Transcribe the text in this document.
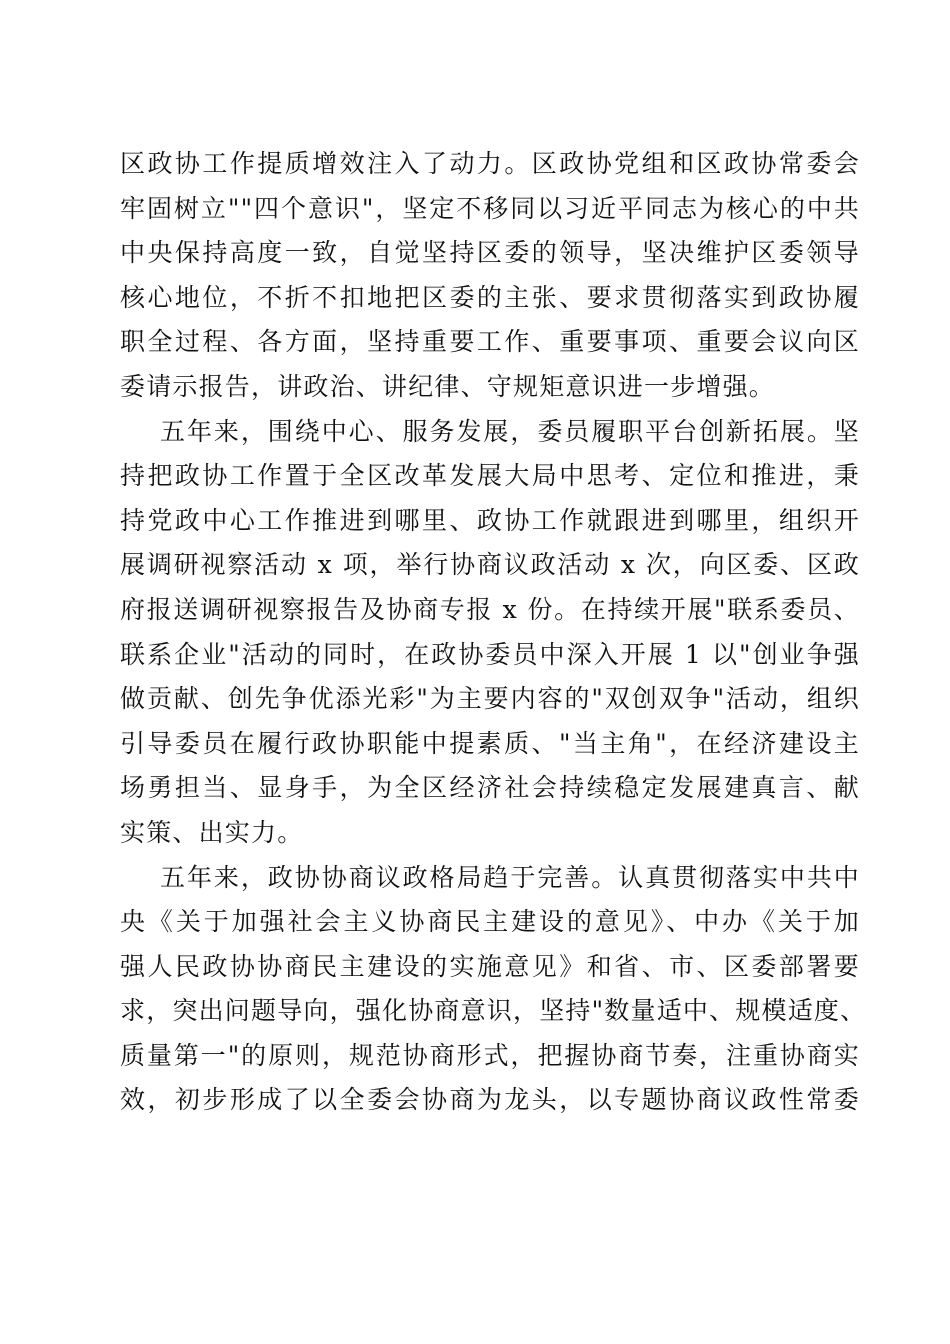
区政协工作提质增效注入了动力。区政协党组和区政协常委会
牢固树立""四个意识"，坚定不移同以习近平同志为核心的中共
中央保持高度一致，自觉坚持区委的领导，坚决维护区委领导
核心地位，不折不扣地把区委的主张、要求贯彻落实到政协履
职全过程、各方面，坚持重要工作、重要事项、重要会议向区
委请示报告，讲政治、讲纪律、守规矩意识进一步增强。
五年来，围绕中心、服务发展，委员履职平台创新拓展。坚
持把政协工作置于全区改革发展大局中思考、定位和推进，秉
持党政中心工作推进到哪里、政协工作就跟进到哪里，组织开
展调研视察活动 x 项，举行协商议政活动 x 次，向区委、区政
府报送调研视察报告及协商专报 x 份。在持续开展"联系委员、
联系企业"活动的同时，在政协委员中深入开展 1 以"创业争强
做贡献、创先争优添光彩"为主要内容的"双创双争"活动，组织
引导委员在履行政协职能中提素质、"当主角"，在经济建设主
场勇担当、显身手，为全区经济社会持续稳定发展建真言、献
实策、出实力。
五年来，政协协商议政格局趋于完善。认真贯彻落实中共中
央《关于加强社会主义协商民主建设的意见》、中办《关于加
强人民政协协商民主建设的实施意见》和省、市、区委部署要
求，突出问题导向，强化协商意识，坚持"数量适中、规模适度、
质量第一"的原则，规范协商形式，把握协商节奏，注重协商实
效，初步形成了以全委会协商为龙头，以专题协商议政性常委
